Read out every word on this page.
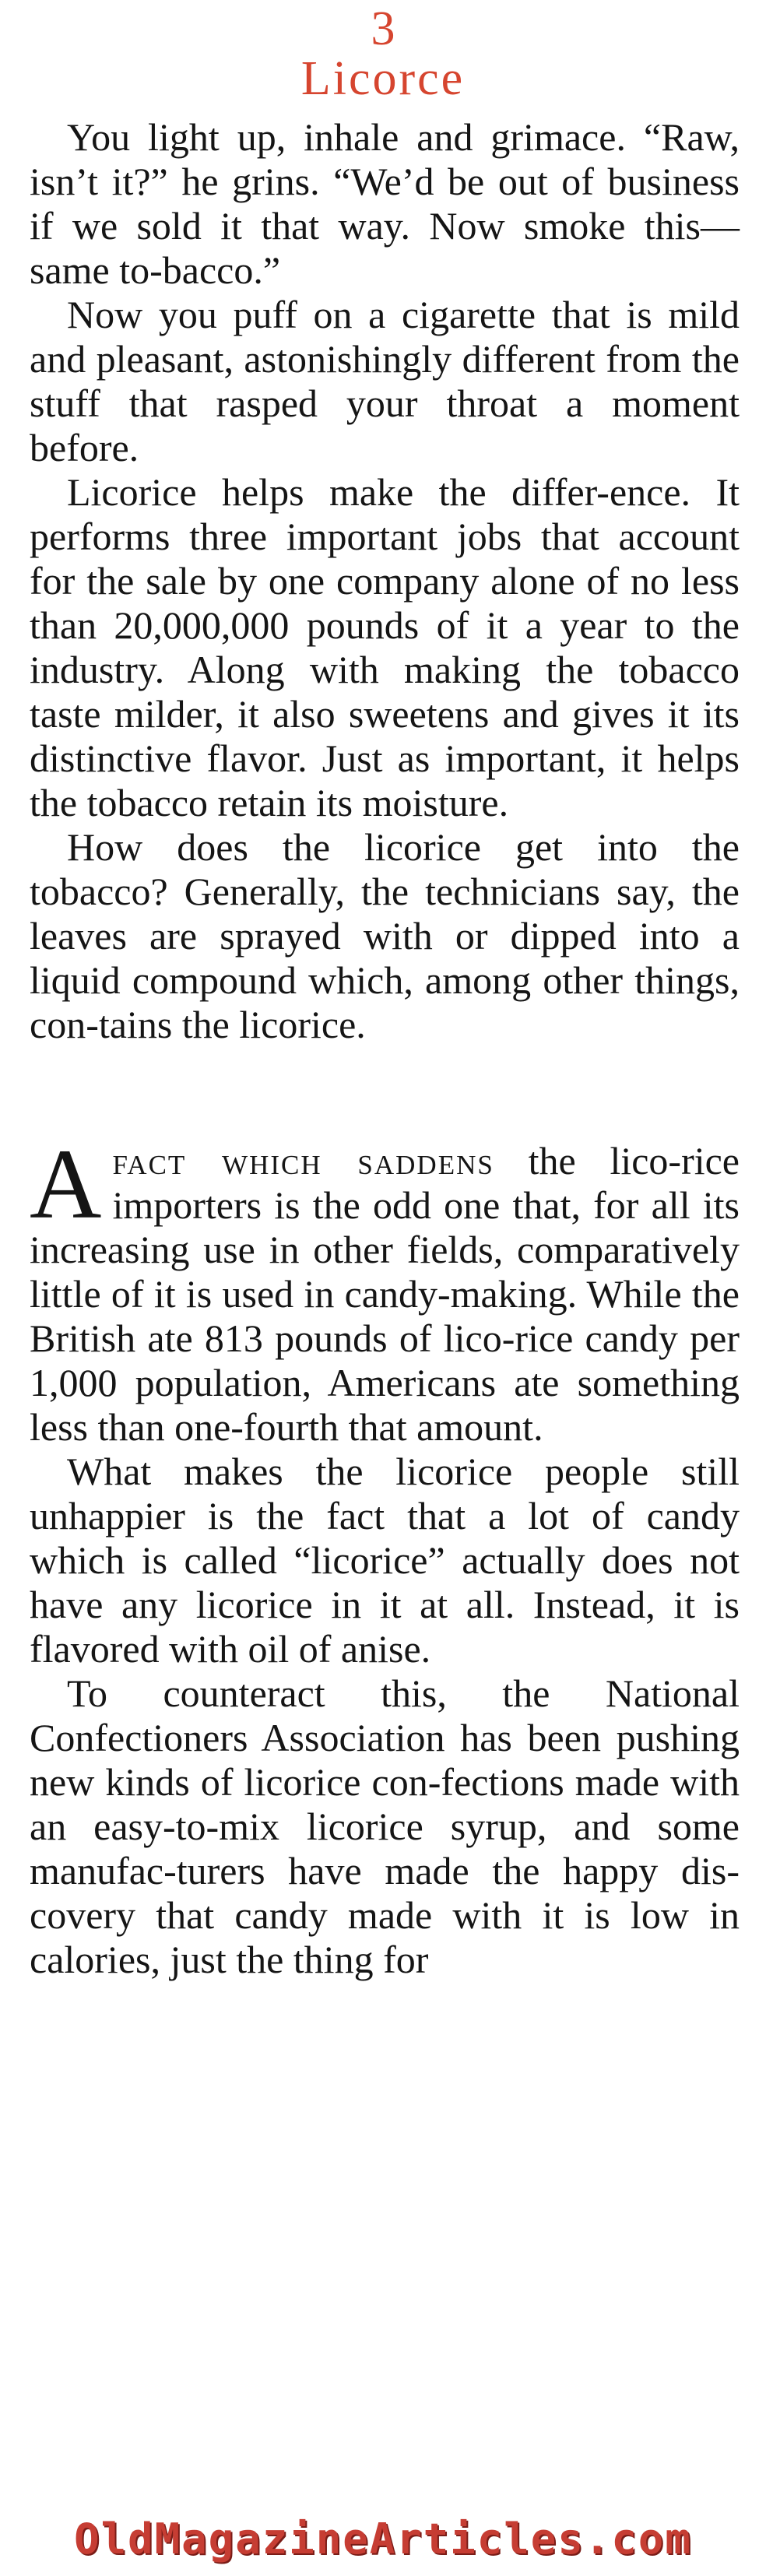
3
Licorce

You light up, inhale and grimace. “Raw, isn’t it?” he grins. “We’d be out of business if we sold it that way. Now smoke this—same to-bacco.”

Now you puff on a cigarette that is mild and pleasant, astonishingly different from the stuff that rasped your throat a moment before.

Licorice helps make the differ-ence. It performs three important jobs that account for the sale by one company alone of no less than 20,000,000 pounds of it a year to the industry. Along with making the tobacco taste milder, it also sweetens and gives it its distinctive flavor. Just as important, it helps the tobacco retain its moisture.

How does the licorice get into the tobacco? Generally, the technicians say, the leaves are sprayed with or dipped into a liquid compound which, among other things, con-tains the licorice.

Afact which saddens the lico-rice importers is the odd one that, for all its increasing use in other fields, comparatively little of it is used in candy-making. While the British ate 813 pounds of lico-rice candy per 1,000 population, Americans ate something less than one-fourth that amount.

What makes the licorice people still unhappier is the fact that a lot of candy which is called “licorice” actually does not have any licorice in it at all. Instead, it is flavored with oil of anise.

To counteract this, the National Confectioners Association has been pushing new kinds of licorice con-fections made with an easy-to-mix licorice syrup, and some manufac-turers have made the happy dis-covery that candy made with it is low in calories, just the thing for

OldMagazineArticles.com
